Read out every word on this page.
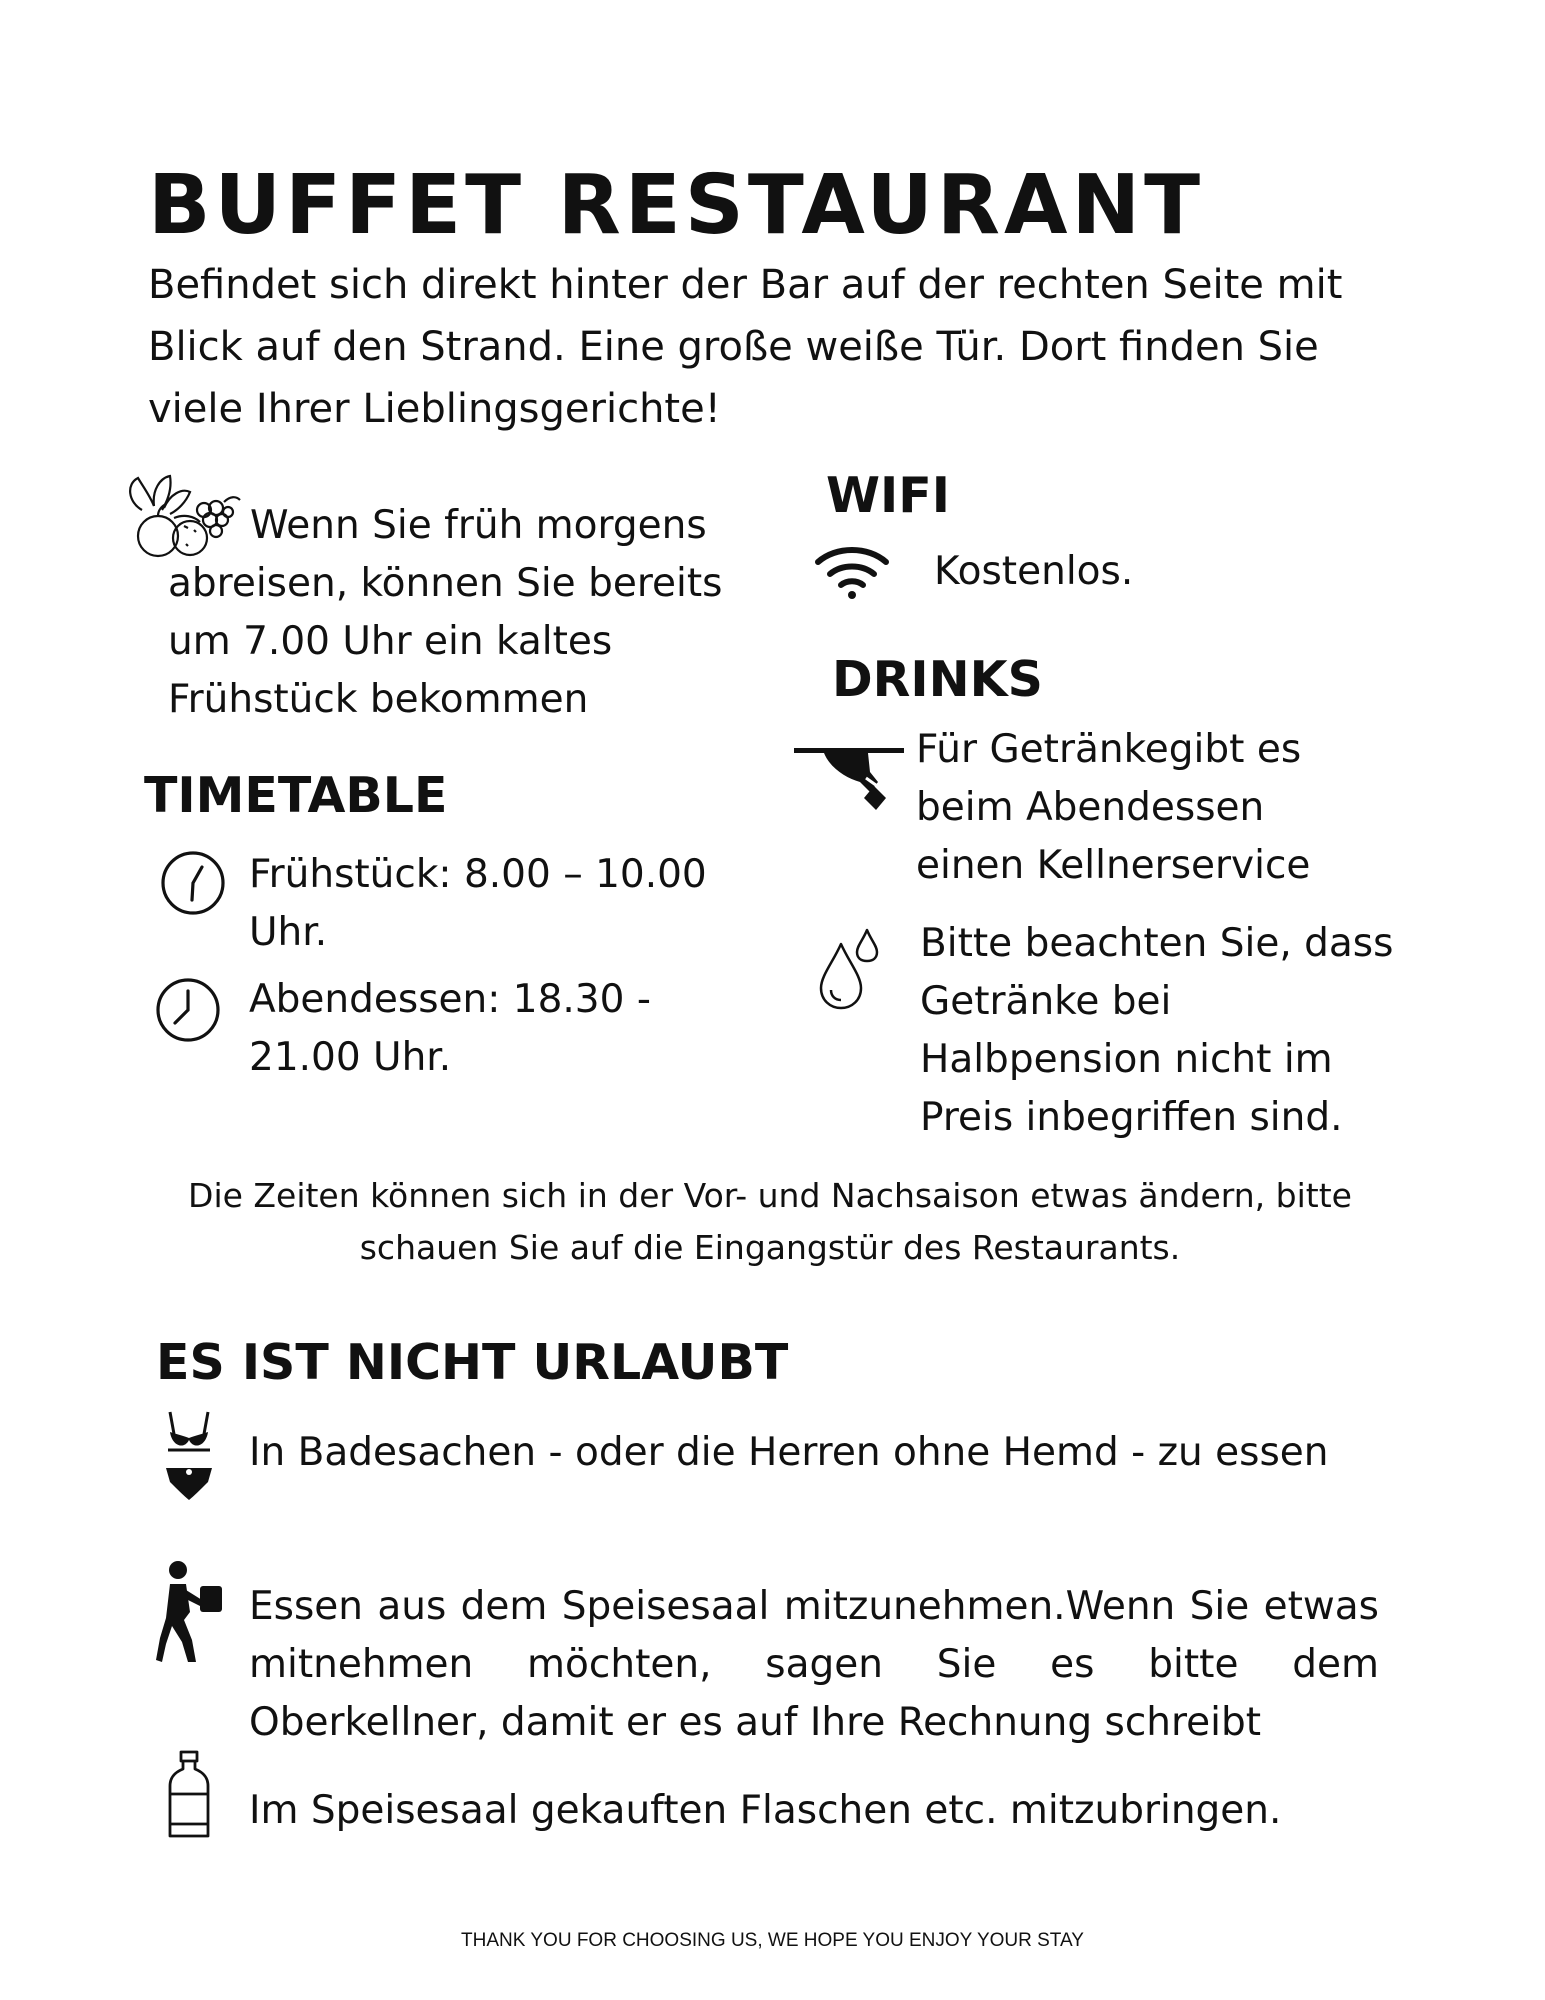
BUFFET RESTAURANT

Befindet sich direkt hinter der Bar auf der rechten Seite mit Blick auf den Strand. Eine große weiße Tür. Dort finden Sie viele Ihrer Lieblingsgerichte!

Wenn Sie früh morgens

abreisen, können Sie bereits um 7.00 Uhr ein kaltes Frühstück bekommen

TIMETABLE

Frühstück: 8.00 – 10.00 Uhr.

Abendessen: 18.30 - 21.00 Uhr.

WIFI

Kostenlos.

DRINKS

Für Getränkegibt es beim Abendessen einen Kellnerservice

Bitte beachten Sie, dass Getränke bei Halbpension nicht im Preis inbegriffen sind.

Die Zeiten können sich in der Vor- und Nachsaison etwas ändern, bitte schauen Sie auf die Eingangstür des Restaurants.

ES IST NICHT URLAUBT

In Badesachen - oder die Herren ohne Hemd - zu essen

Essen aus dem Speisesaal mitzunehmen.Wenn Sie etwas mitnehmen möchten, sagen Sie es bitte dem Oberkellner, damit er es auf Ihre Rechnung schreibt

Im Speisesaal gekauften Flaschen etc. mitzubringen.

THANK YOU FOR CHOOSING US, WE HOPE YOU ENJOY YOUR STAY
